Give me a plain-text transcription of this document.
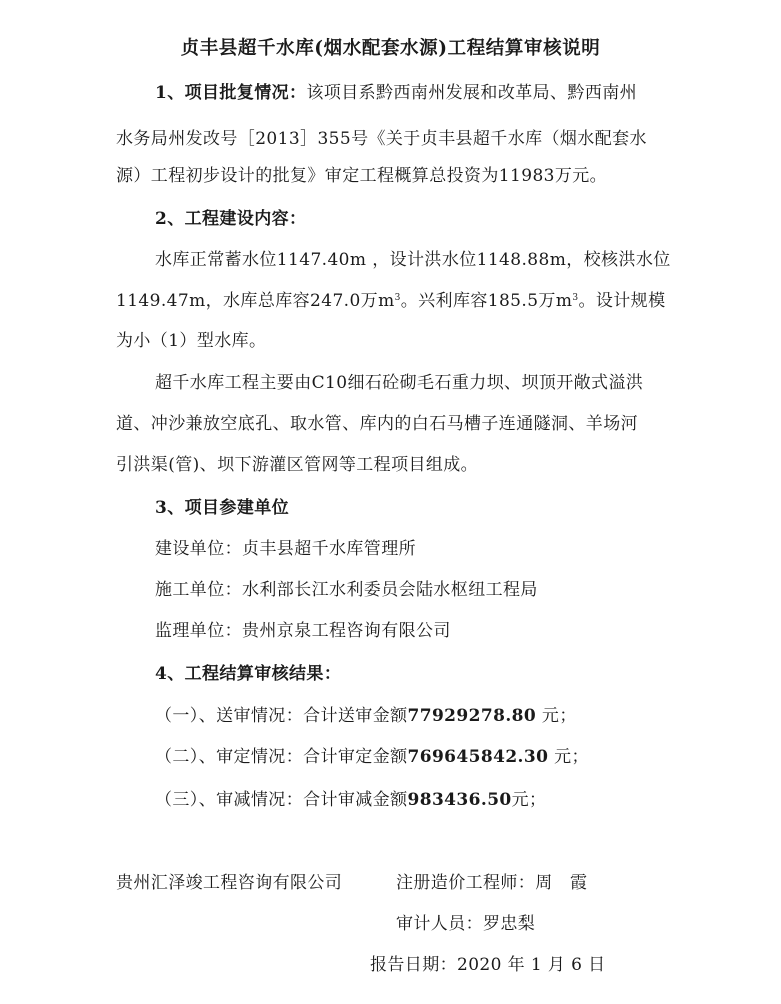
贞丰县超千水库(烟水配套水源)工程结算审核说明
1、项目批复情况：该项目系黔西南州发展和改革局、黔西南州
水务局州发改号［2013］355号《关于贞丰县超千水库（烟水配套水
源）工程初步设计的批复》审定工程概算总投资为11983万元。
2、工程建设内容：
水库正常蓄水位1147.40m ，设计洪水位1148.88m，校核洪水位
1149.47m，水库总库容247.0万$m^3$。兴利库容185.5万$m^3$。设计规模
为小（1）型水库。
超千水库工程主要由C10细石砼砌毛石重力坝、坝顶开敞式溢洪
道、冲沙兼放空底孔、取水管、库内的白石马槽子连通隧洞、羊场河
引洪渠(管)、坝下游灌区管网等工程项目组成。
3、项目参建单位
建设单位：贞丰县超千水库管理所
施工单位：水利部长江水利委员会陆水枢纽工程局
监理单位：贵州京泉工程咨询有限公司
4、工程结算审核结果：
（一）、送审情况：合计送审金额77929278.80 元；
（二）、审定情况：合计审定金额769645842.30 元；
（三）、审减情况：合计审减金额983436.50元；
贵州汇泽竣工程咨询有限公司	注册造价工程师：周　霞
审计人员：罗忠梨
报告日期：2020 年 1 月 6 日
